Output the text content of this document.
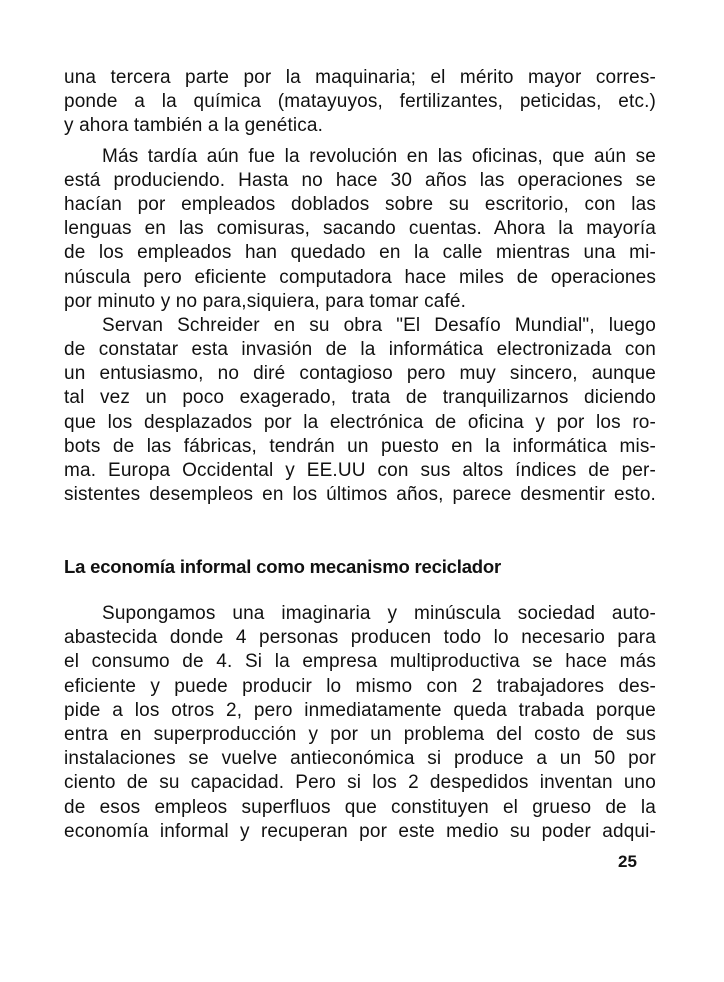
una tercera parte por la maquinaria; el mérito mayor corres-
ponde a la química (matayuyos, fertilizantes, peticidas, etc.)
y ahora también a la genética.
Más tardía aún fue la revolución en las oficinas, que aún se
está produciendo. Hasta no hace 30 años las operaciones se
hacían por empleados doblados sobre su escritorio, con las
lenguas en las comisuras, sacando cuentas. Ahora la mayoría
de los empleados han quedado en la calle mientras una mi-
núscula pero eficiente computadora hace miles de operaciones
por minuto y no para,siquiera, para tomar café.
Servan Schreider en su obra "El Desafío Mundial", luego
de constatar esta invasión de la informática electronizada con
un entusiasmo, no diré contagioso pero muy sincero, aunque
tal vez un poco exagerado, trata de tranquilizarnos diciendo
que los desplazados por la electrónica de oficina y por los ro-
bots de las fábricas, tendrán un puesto en la informática mis-
ma. Europa Occidental y EE.UU con sus altos índices de per-
sistentes desempleos en los últimos años, parece desmentir esto.
La economía informal como mecanismo reciclador
Supongamos una imaginaria y minúscula sociedad auto-
abastecida donde 4 personas producen todo lo necesario para
el consumo de 4. Si la empresa multiproductiva se hace más
eficiente y puede producir lo mismo con 2 trabajadores des-
pide a los otros 2, pero inmediatamente queda trabada porque
entra en superproducción y por un problema del costo de sus
instalaciones se vuelve antieconómica si produce a un 50 por
ciento de su capacidad. Pero si los 2 despedidos inventan uno
de esos empleos superfluos que constituyen el grueso de la
economía informal y recuperan por este medio su poder adqui-
25
